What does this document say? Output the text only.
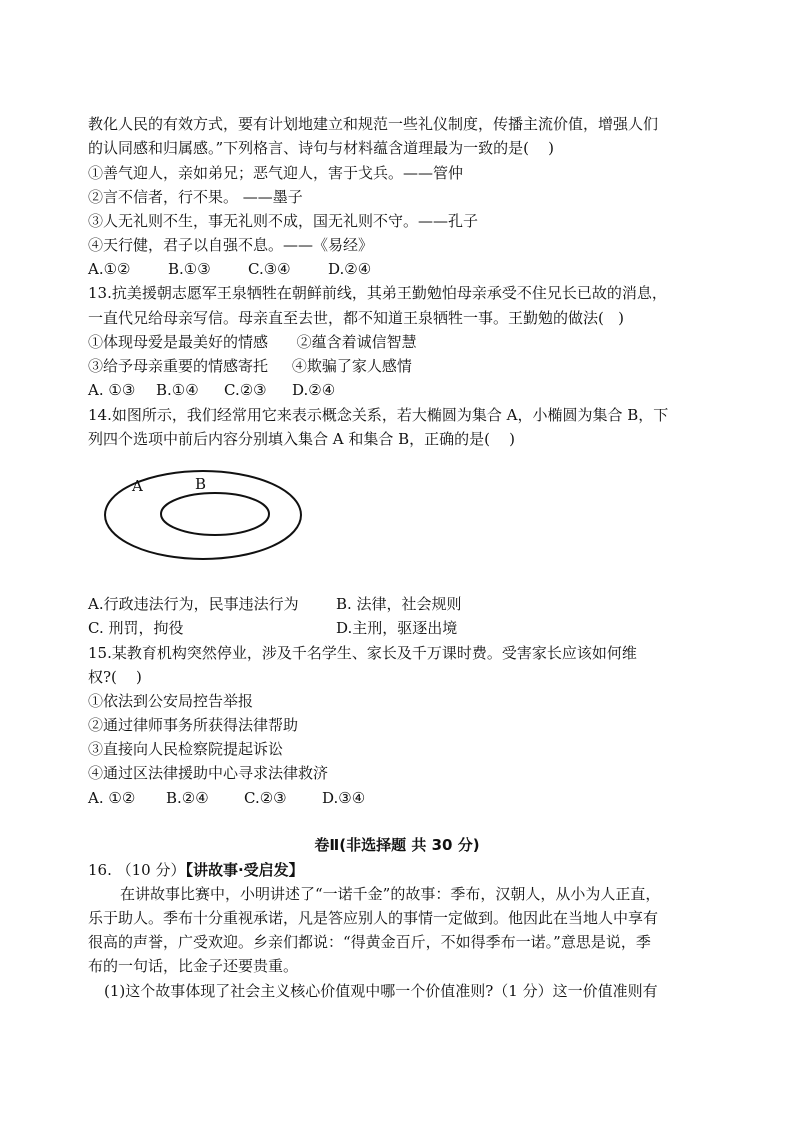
教化人民的有效方式，要有计划地建立和规范一些礼仪制度，传播主流价值，增强人们
的认同感和归属感。”下列格言、诗句与材料蕴含道理最为一致的是(    )
①善气迎人，亲如弟兄；恶气迎人，害于戈兵。——管仲
②言不信者，行不果。 ——墨子
③人无礼则不生，事无礼则不成，国无礼则不守。——孔子
④天行健，君子以自强不息。——《易经》
A.①②	B.①③	C.③④	D.②④
13.抗美援朝志愿军王泉牺牲在朝鲜前线，其弟王勤勉怕母亲承受不住兄长已故的消息，
一直代兄给母亲写信。母亲直至去世，都不知道王泉牺牲一事。王勤勉的做法(   )
①体现母爱是最美好的情感      ②蕴含着诚信智慧
③给予母亲重要的情感寄托     ④欺骗了家人感情
A. ①③	B.①④	C.②③	D.②④
14.如图所示，我们经常用它来表示概念关系，若大椭圆为集合 A，小椭圆为集合 B，下
列四个选项中前后内容分别填入集合 A 和集合 B，正确的是(    )
A	B
A.行政违法行为，民事违法行为	B. 法律，社会规则
C. 刑罚，拘役	D.主刑，驱逐出境
15.某教育机构突然停业，涉及千名学生、家长及千万课时费。受害家长应该如何维
权?(    )
①依法到公安局控告举报
②通过律师事务所获得法律帮助
③直接向人民检察院提起诉讼
④通过区法律援助中心寻求法律救济
A. ①②	B.②④	C.②③	D.③④
卷Ⅱ(非选择题 共 30 分)
16. （10 分）【讲故事·受启发】
在讲故事比赛中，小明讲述了“一诺千金”的故事：季布，汉朝人，从小为人正直，
乐于助人。季布十分重视承诺，凡是答应别人的事情一定做到。他因此在当地人中享有
很高的声誉，广受欢迎。乡亲们都说：“得黄金百斤，不如得季布一诺。”意思是说，季
布的一句话，比金子还要贵重。
(1)这个故事体现了社会主义核心价值观中哪一个价值准则?（1 分）这一价值准则有
